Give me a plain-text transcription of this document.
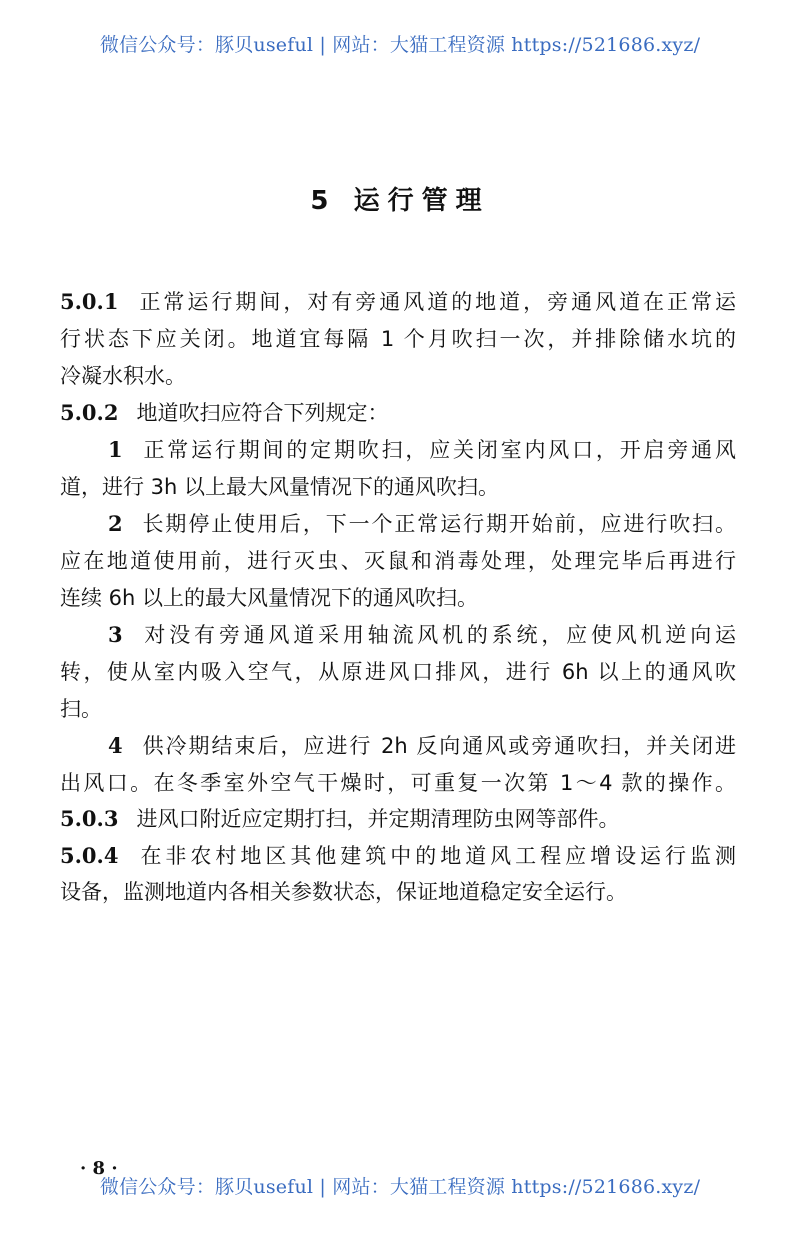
微信公众号：豚贝useful | 网站：大猫工程资源 https://521686.xyz/
5 运行管理
5.0.1 正常运行期间，对有旁通风道的地道，旁通风道在正常运
行状态下应关闭。地道宜每隔 1 个月吹扫一次，并排除储水坑的
冷凝水积水。
5.0.2 地道吹扫应符合下列规定：
1 正常运行期间的定期吹扫，应关闭室内风口，开启旁通风
道，进行 3h 以上最大风量情况下的通风吹扫。
2 长期停止使用后，下一个正常运行期开始前，应进行吹扫。
应在地道使用前，进行灭虫、灭鼠和消毒处理，处理完毕后再进行
连续 6h 以上的最大风量情况下的通风吹扫。
3 对没有旁通风道采用轴流风机的系统，应使风机逆向运
转，使从室内吸入空气，从原进风口排风，进行 6h 以上的通风吹
扫。
4 供冷期结束后，应进行 2h 反向通风或旁通吹扫，并关闭进
出风口。在冬季室外空气干燥时，可重复一次第 1～4 款的操作。
5.0.3 进风口附近应定期打扫，并定期清理防虫网等部件。
5.0.4 在非农村地区其他建筑中的地道风工程应增设运行监测
设备，监测地道内各相关参数状态，保证地道稳定安全运行。
· 8 ·
微信公众号：豚贝useful | 网站：大猫工程资源 https://521686.xyz/
